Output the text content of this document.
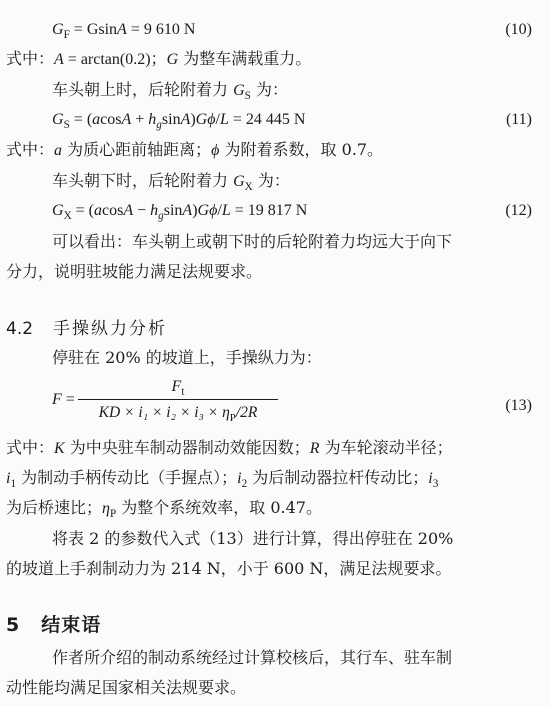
$G_F = GsinA = 9$ 610 N	(10)
式中：A = arctan(0.2)；G 为整车满载重力。
车头朝上时，后轮附着力 $G_S$ 为：
$G_S = (acosA + h_g\sin A)G\phi/L = 24$ 445 N	(11)
式中：a 为质心距前轴距离；ϕ 为附着系数，取 0.7。
车头朝下时，后轮附着力 $G_X$ 为：
$G_X = (acosA - h_g\sin A)G\phi/L = 19$ 817 N	(12)
可以看出：车头朝上或朝下时的后轮附着力均远大于向下
分力，说明驻坡能力满足法规要求。
4.2 手操纵力分析
停驻在 20% 的坡道上，手操纵力为：
F =
$F_t$
KD × $i_1 \times i_2 \times i_3 \times \eta_P/2R$	(13)
式中：K 为中央驻车制动器制动效能因数；R 为车轮滚动半径；
$i_1$ 为制动手柄传动比（手握点）；$i_2$ 为后制动器拉杆传动比；$i_3$
为后桥速比；$\eta_P$ 为整个系统效率，取 0.47。
将表 2 的参数代入式（13）进行计算，得出停驻在 20%
的坡道上手刹制动力为 214 N，小于 600 N，满足法规要求。
5 结束语
作者所介绍的制动系统经过计算校核后，其行车、驻车制
动性能均满足国家相关法规要求。
